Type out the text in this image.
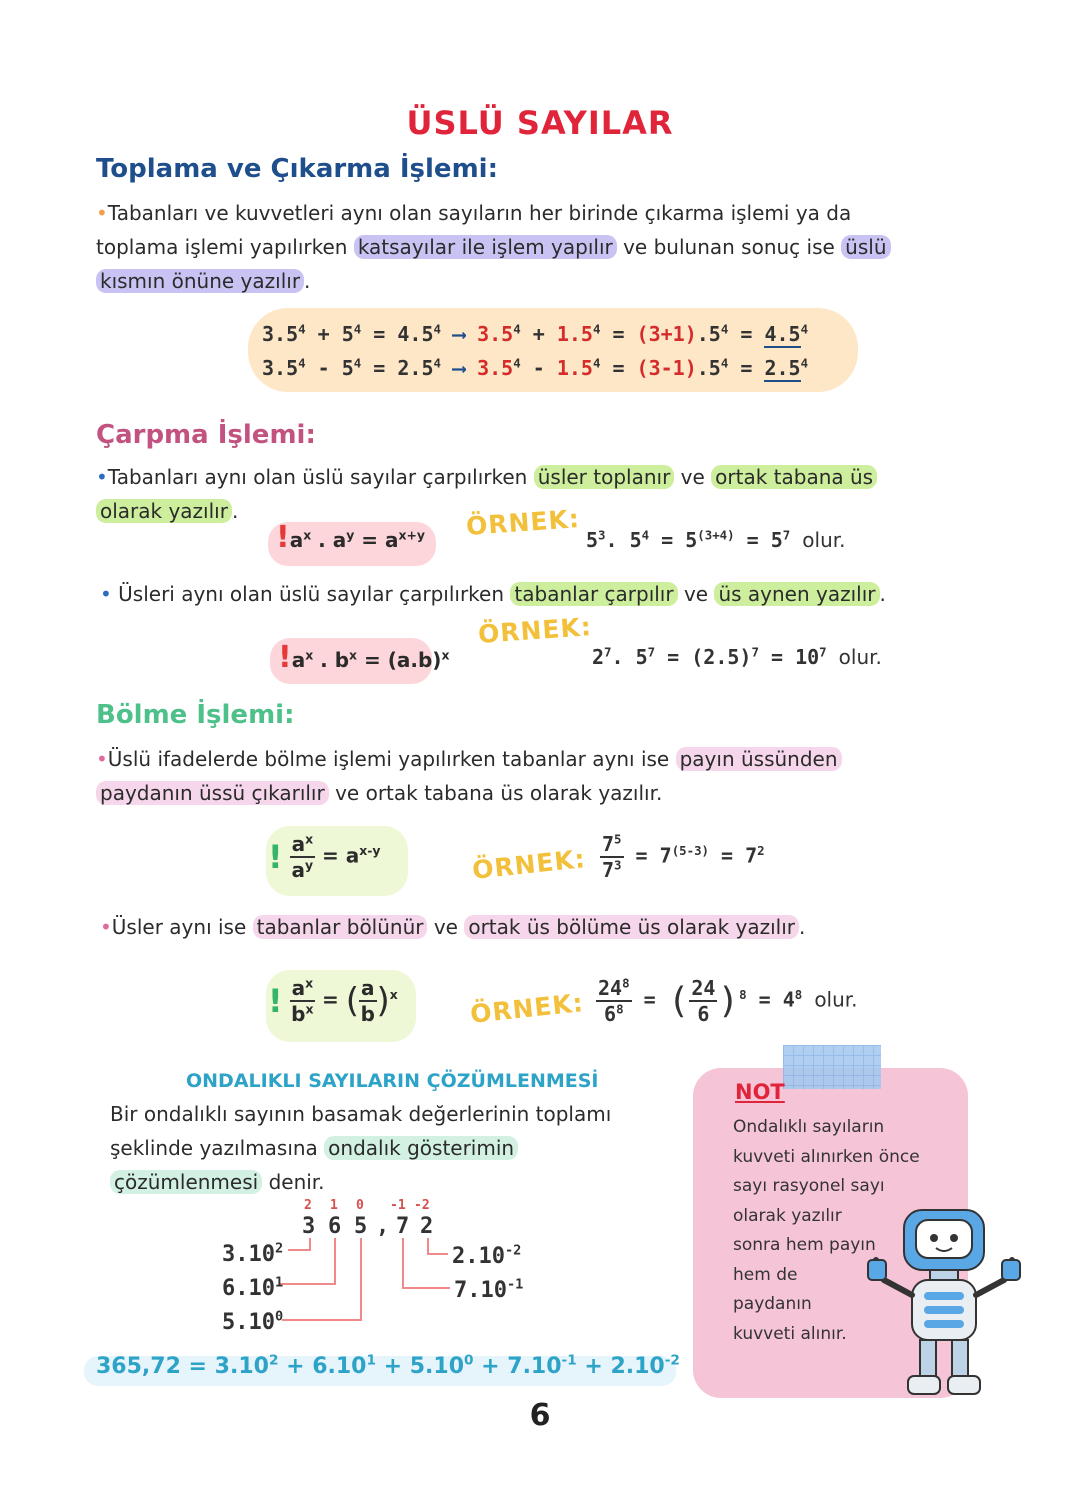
ÜSLÜ SAYILAR
Toplama ve Çıkarma İşlemi:
•Tabanları ve kuvvetleri aynı olan sayıların her birinde çıkarma işlemi ya da
toplama işlemi yapılırken katsayılar ile işlem yapılır ve bulunan sonuç ise üslü
kısmın önüne yazılır .
$3.5^4 + 5^4 = 4.5^4$ ⟶ $3.5^4 + 1.5^4 = (3+1).5^4 = 4.5^4$
$3.5^4 - 5^4 = 2.5^4$ ⟶ $3.5^4 - 1.5^4 = (3-1).5^4 = 2.5^4$
Çarpma İşlemi:
•Tabanları aynı olan üslü sayılar çarpılırken üsler toplanır ve ortak tabana üs
olarak yazılır .
$!a^x$ . $a^y = a^{x+y}$ ÖRNEK: $5^3$. $5^4 = 5^{(3+4)} = 5^7$ olur.
• Üsleri aynı olan üslü sayılar çarpılırken tabanlar çarpılır ve üs aynen yazılır .
$!a^x$ . $b^x = (a.b)^x$
ÖRNEK:
$2^7$. $5^7 = (2.5)^7 = 10^7$ olur.
Bölme İşlemi:
•Üslü ifadelerde bölme işlemi yapılırken tabanlar aynı ise payın üssünden
paydanın üssü çıkarılır ve ortak tabana üs olarak yazılır.
! $\frac{a^x}{a^y} = a^{x-y}$	ÖRNEK: $\frac{7^5}{7^3} = 7^{(5-3)} = 7^2$
•Üsler aynı ise tabanlar bölünür ve ortak üs bölüme üs olarak yazılır .
! $\frac{a^x}{b^x}$ = ( $\frac{a}{b} )^x$	ÖRNEK: $\frac{24^8}{6^8}$ = ( $\frac{24}{6} )^8 = 4^8$ olur.
ONDALIKLI SAYILARIN ÇÖZÜMLENMESİ
Bir ondalıklı sayının basamak değerlerinin toplamı
şeklinde yazılmasına ondalık gösterimin
çözümlenmesi denir.
2 1 0 -1 -2
3 6 5 , 7 2
3.10$^2$
6.10$^1$
5.10$^0$
$2.10^{-2}$
$7.10^{-1}$
$365,72 = 3.10^2 + 6.10^1 + 5.10^0 + 7.10^{-1} + 2.10^{-2}$
NOT
Ondalıklı sayıların
kuvveti alınırken önce
sayı rasyonel sayı
olarak yazılır
sonra hem payın
hem de
paydanın
kuvveti alınır.
6
